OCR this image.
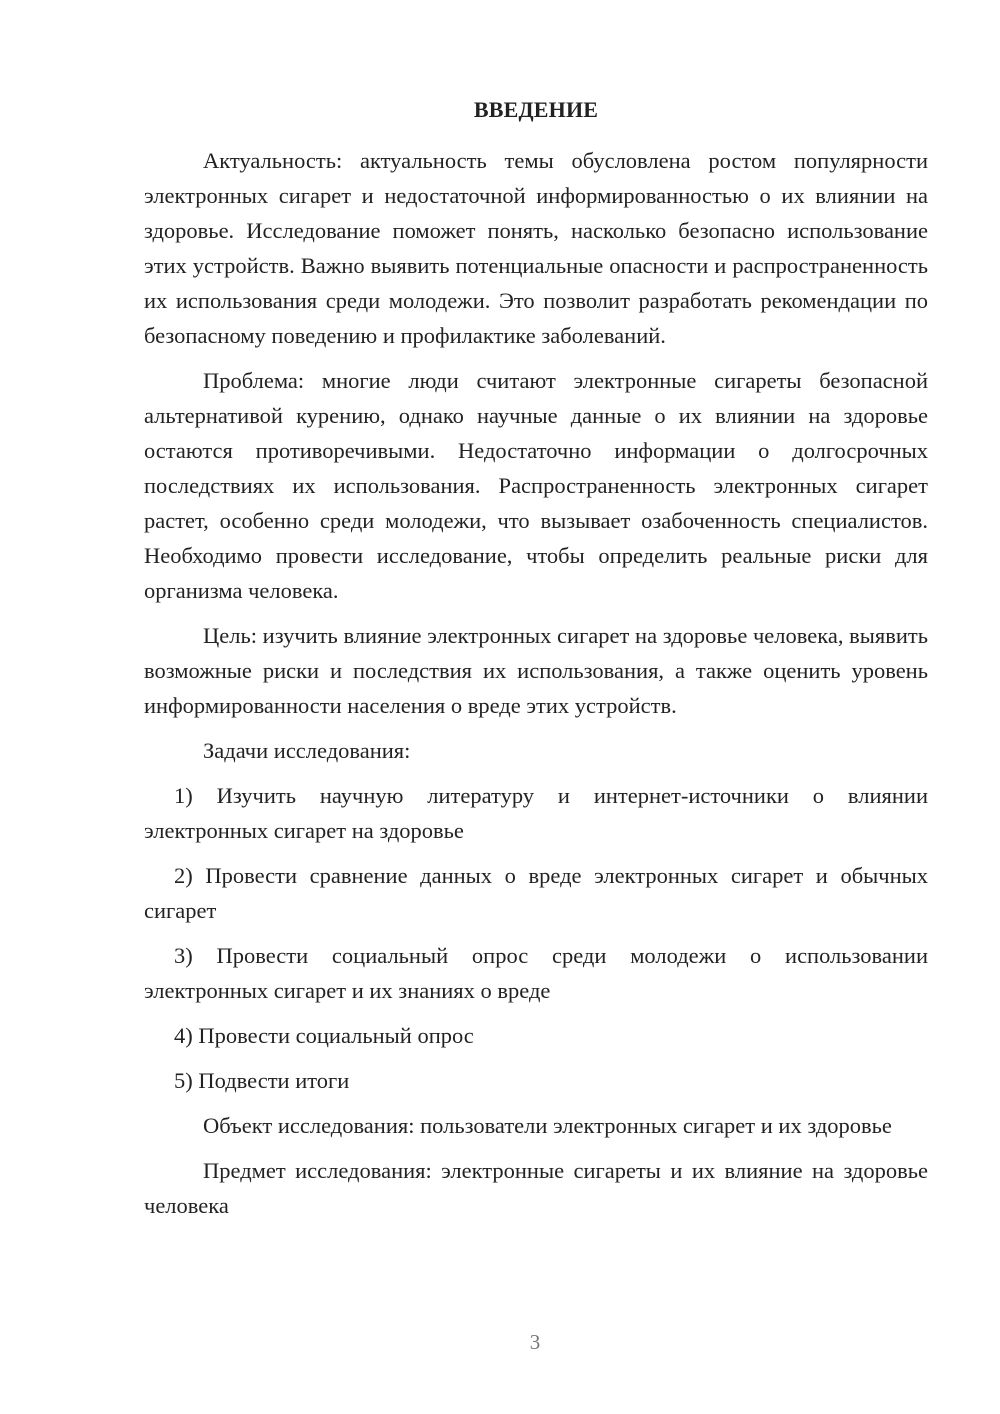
ВВЕДЕНИЕ

Актуальность: актуальность темы обусловлена ростом популярности электронных сигарет и недостаточной информированностью о их влиянии на здоровье. Исследование поможет понять, насколько безопасно использование этих устройств. Важно выявить потенциальные опасности и распространенность их использования среди молодежи. Это позволит разработать рекомендации по безопасному поведению и профилактике заболеваний.

Проблема: многие люди считают электронные сигареты безопасной альтернативой курению, однако научные данные о их влиянии на здоровье остаются противоречивыми. Недостаточно информации о долгосрочных последствиях их использования. Распространенность электронных сигарет растет, особенно среди молодежи, что вызывает озабоченность специалистов. Необходимо провести исследование, чтобы определить реальные риски для организма человека.

Цель: изучить влияние электронных сигарет на здоровье человека, выявить возможные риски и последствия их использования, а также оценить уровень информированности населения о вреде этих устройств.

Задачи исследования:

1) Изучить научную литературу и интернет-источники о влиянии электронных сигарет на здоровье

2) Провести сравнение данных о вреде электронных сигарет и обычных сигарет

3) Провести социальный опрос среди молодежи о использовании электронных сигарет и их знаниях о вреде

4) Провести социальный опрос

5) Подвести итоги

Объект исследования: пользователи электронных сигарет и их здоровье

Предмет исследования: электронные сигареты и их влияние на здоровье человека

3
